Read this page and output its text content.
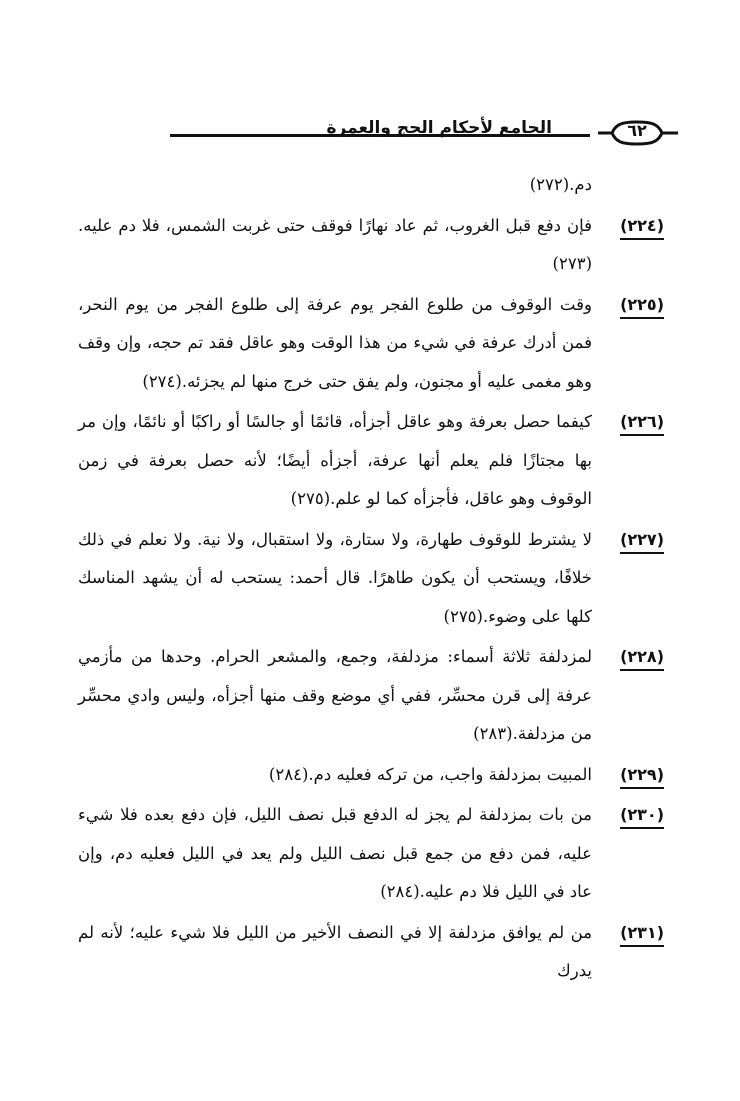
الجامع لأحكام الحج والعمرة	٦٢
دم.(٢٧٢)
(٢٢٤)
فإن دفع قبل الغروب، ثم عاد نهارًا فوقف حتى غربت الشمس، فلا دم عليه.(٢٧٣)
(٢٢٥)
وقت الوقوف من طلوع الفجر يوم عرفة إلى طلوع الفجر من يوم النحر، فمن أدرك عرفة في شيء من هذا الوقت وهو عاقل فقد تم حجه، وإن وقف وهو مغمى عليه أو مجنون، ولم يفق حتى خرج منها لم يجزئه.(٢٧٤)
(٢٢٦)
كيفما حصل بعرفة وهو عاقل أجزأه، قائمًا أو جالسًا أو راكبًا أو نائمًا، وإن مر بها مجتازًا فلم يعلم أنها عرفة، أجزأه أيضًا؛ لأنه حصل بعرفة في زمن الوقوف وهو عاقل، فأجزأه كما لو علم.(٢٧٥)
(٢٢٧)
لا يشترط للوقوف طهارة، ولا ستارة، ولا استقبال، ولا نية. ولا نعلم في ذلك خلافًا، ويستحب أن يكون طاهرًا. قال أحمد: يستحب له أن يشهد المناسك كلها على وضوء.(٢٧٥)
(٢٢٨)
لمزدلفة ثلاثة أسماء: مزدلفة، وجمع، والمشعر الحرام. وحدها من مأزمي عرفة إلى قرن محسِّر، ففي أي موضع وقف منها أجزأه، وليس وادي محسِّر من مزدلفة.(٢٨٣)
(٢٢٩)
المبيت بمزدلفة واجب، من تركه فعليه دم.(٢٨٤)
(٢٣٠)
من بات بمزدلفة لم يجز له الدفع قبل نصف الليل، فإن دفع بعده فلا شيء عليه، فمن دفع من جمع قبل نصف الليل ولم يعد في الليل فعليه دم، وإن عاد في الليل فلا دم عليه.(٢٨٤)
(٢٣١)
من لم يوافق مزدلفة إلا في النصف الأخير من الليل فلا شيء عليه؛ لأنه لم يدرك
